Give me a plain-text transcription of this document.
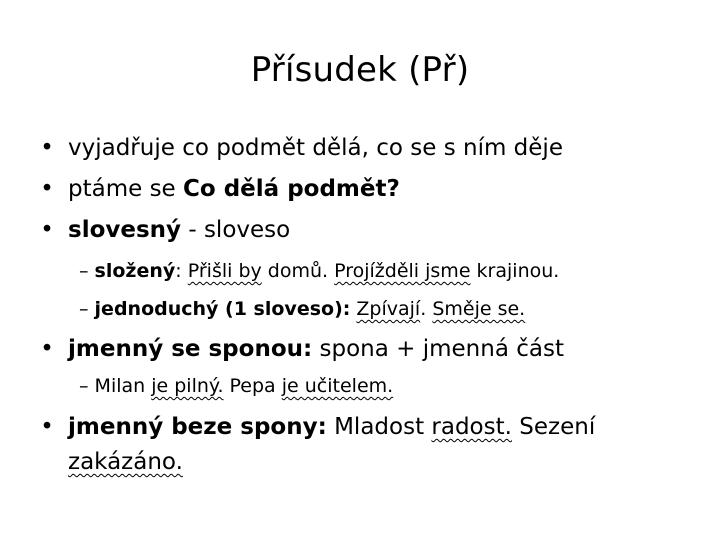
Přísudek (Př)
• vyjadřuje co podmět dělá, co se s ním děje
• ptáme se Co dělá podmět?
• slovesný - sloveso
– složený: Přišli by domů. Projížděli jsme krajinou.
– jednoduchý (1 sloveso): Zpívají. Směje se.
• jmenný se sponou: spona + jmenná část
– Milan je pilný. Pepa je učitelem.
• jmenný beze spony: Mladost radost. Sezení
zakázáno.
